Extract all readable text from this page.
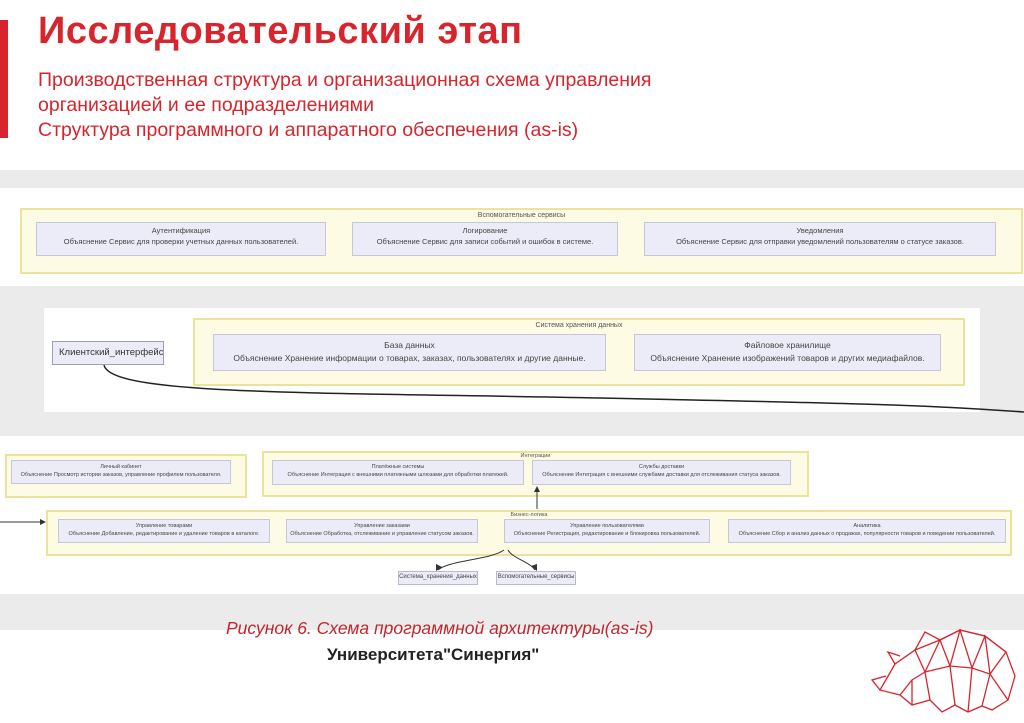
Исследовательский этап
Производственная структура и организационная схема управления
организацией и ее подразделениями
Структура программного и аппаратного обеспечения (as-is)
Вспомогательные сервисы
Аутентификация
Объяснение Сервис для проверки учетных данных пользователей.
Логирование
Объяснение Сервис для записи событий и ошибок в системе.
Уведомления
Объяснение Сервис для отправки уведомлений пользователям о статусе заказов.
Система хранения данных
Клиентский_интерфейс
База данных
Объяснение Хранение информации о товарах, заказах, пользователях и другие данные.
Файловое хранилище
Объяснение Хранение изображений товаров и других медиафайлов.
Личный кабинет
Объяснение Просмотр истории заказов, управление профилем пользователя.
Интеграции
Платёжные системы
Объяснение Интеграция с внешними платежными шлюзами для обработки платежей.
Службы доставки
Объяснение Интеграция с внешними службами доставки для отслеживания статуса заказов.
Бизнес-логика
Управление товарами
Объяснение Добавление, редактирование и удаление товаров в каталоге.
Управление заказами
Объяснение Обработка, отслеживание и управление статусом заказов.
Управление пользователями
Объяснение Регистрация, редактирование и блокировка пользователей.
Аналитика
Объяснение Сбор и анализ данных о продажах, популярности товаров и поведении пользователей.
Система_хранения_данных	Вспомогательные_сервисы
Рисунок 6. Схема программной архитектуры(as-is)
Университета"Синергия"
